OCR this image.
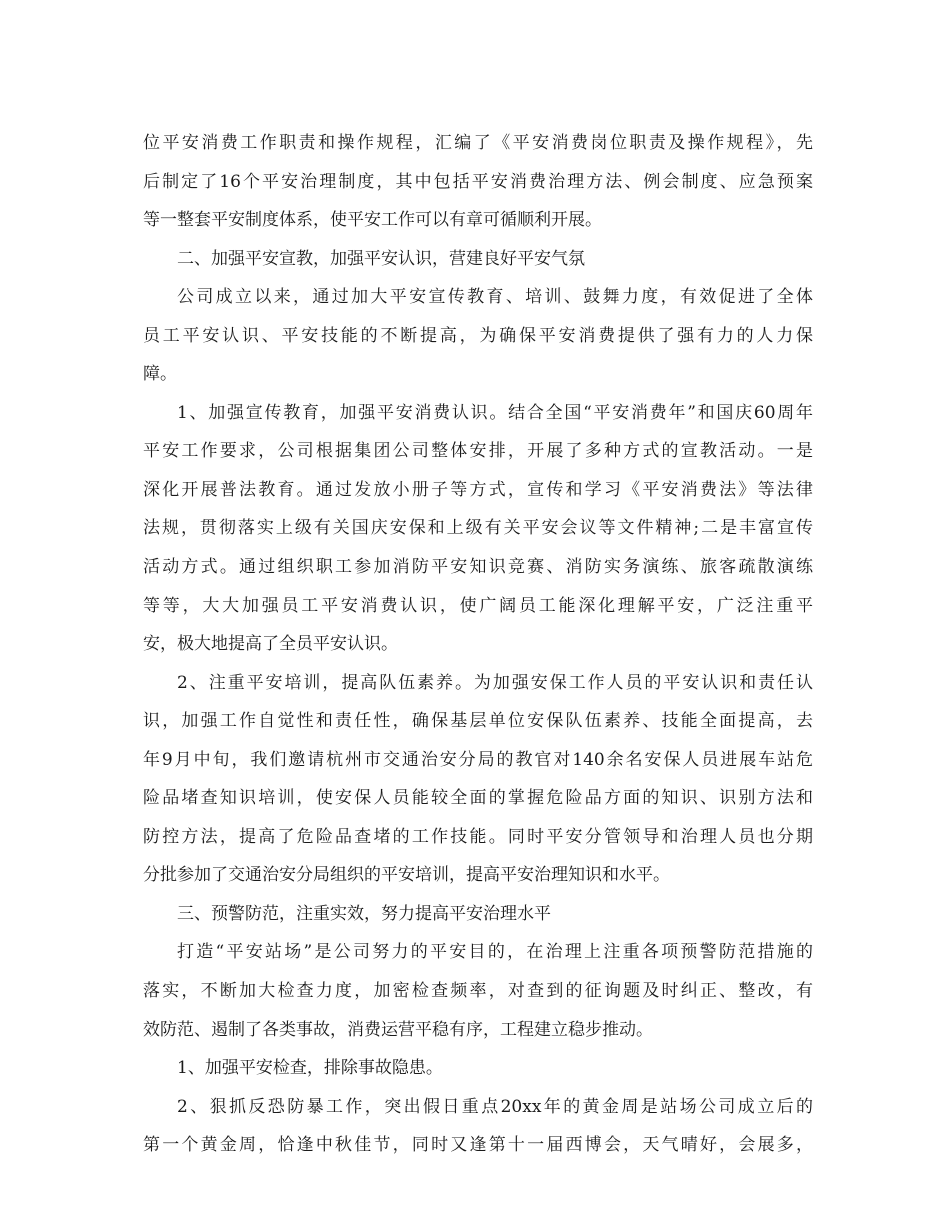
位平安消费工作职责和操作规程，汇编了《平安消费岗位职责及操作规程》，先
后制定了16个平安治理制度，其中包括平安消费治理方法、例会制度、应急预案
等一整套平安制度体系，使平安工作可以有章可循顺利开展。
二、加强平安宣教，加强平安认识，营建良好平安气氛
公司成立以来，通过加大平安宣传教育、培训、鼓舞力度，有效促进了全体
员工平安认识、平安技能的不断提高，为确保平安消费提供了强有力的人力保
障。
1、加强宣传教育，加强平安消费认识。结合全国“平安消费年”和国庆60周年
平安工作要求，公司根据集团公司整体安排，开展了多种方式的宣教活动。一是
深化开展普法教育。通过发放小册子等方式，宣传和学习《平安消费法》等法律
法规，贯彻落实上级有关国庆安保和上级有关平安会议等文件精神;二是丰富宣传
活动方式。通过组织职工参加消防平安知识竞赛、消防实务演练、旅客疏散演练
等等，大大加强员工平安消费认识，使广阔员工能深化理解平安，广泛注重平
安，极大地提高了全员平安认识。
2、注重平安培训，提高队伍素养。为加强安保工作人员的平安认识和责任认
识，加强工作自觉性和责任性，确保基层单位安保队伍素养、技能全面提高，去
年9月中旬，我们邀请杭州市交通治安分局的教官对140余名安保人员进展车站危
险品堵查知识培训，使安保人员能较全面的掌握危险品方面的知识、识别方法和
防控方法，提高了危险品查堵的工作技能。同时平安分管领导和治理人员也分期
分批参加了交通治安分局组织的平安培训，提高平安治理知识和水平。
三、预警防范，注重实效，努力提高平安治理水平
打造“平安站场”是公司努力的平安目的，在治理上注重各项预警防范措施的
落实，不断加大检查力度，加密检查频率，对查到的征询题及时纠正、整改，有
效防范、遏制了各类事故，消费运营平稳有序，工程建立稳步推动。
1、加强平安检查，排除事故隐患。
2、狠抓反恐防暴工作，突出假日重点20xx年的黄金周是站场公司成立后的
第一个黄金周，恰逢中秋佳节，同时又逢第十一届西博会，天气晴好，会展多，
